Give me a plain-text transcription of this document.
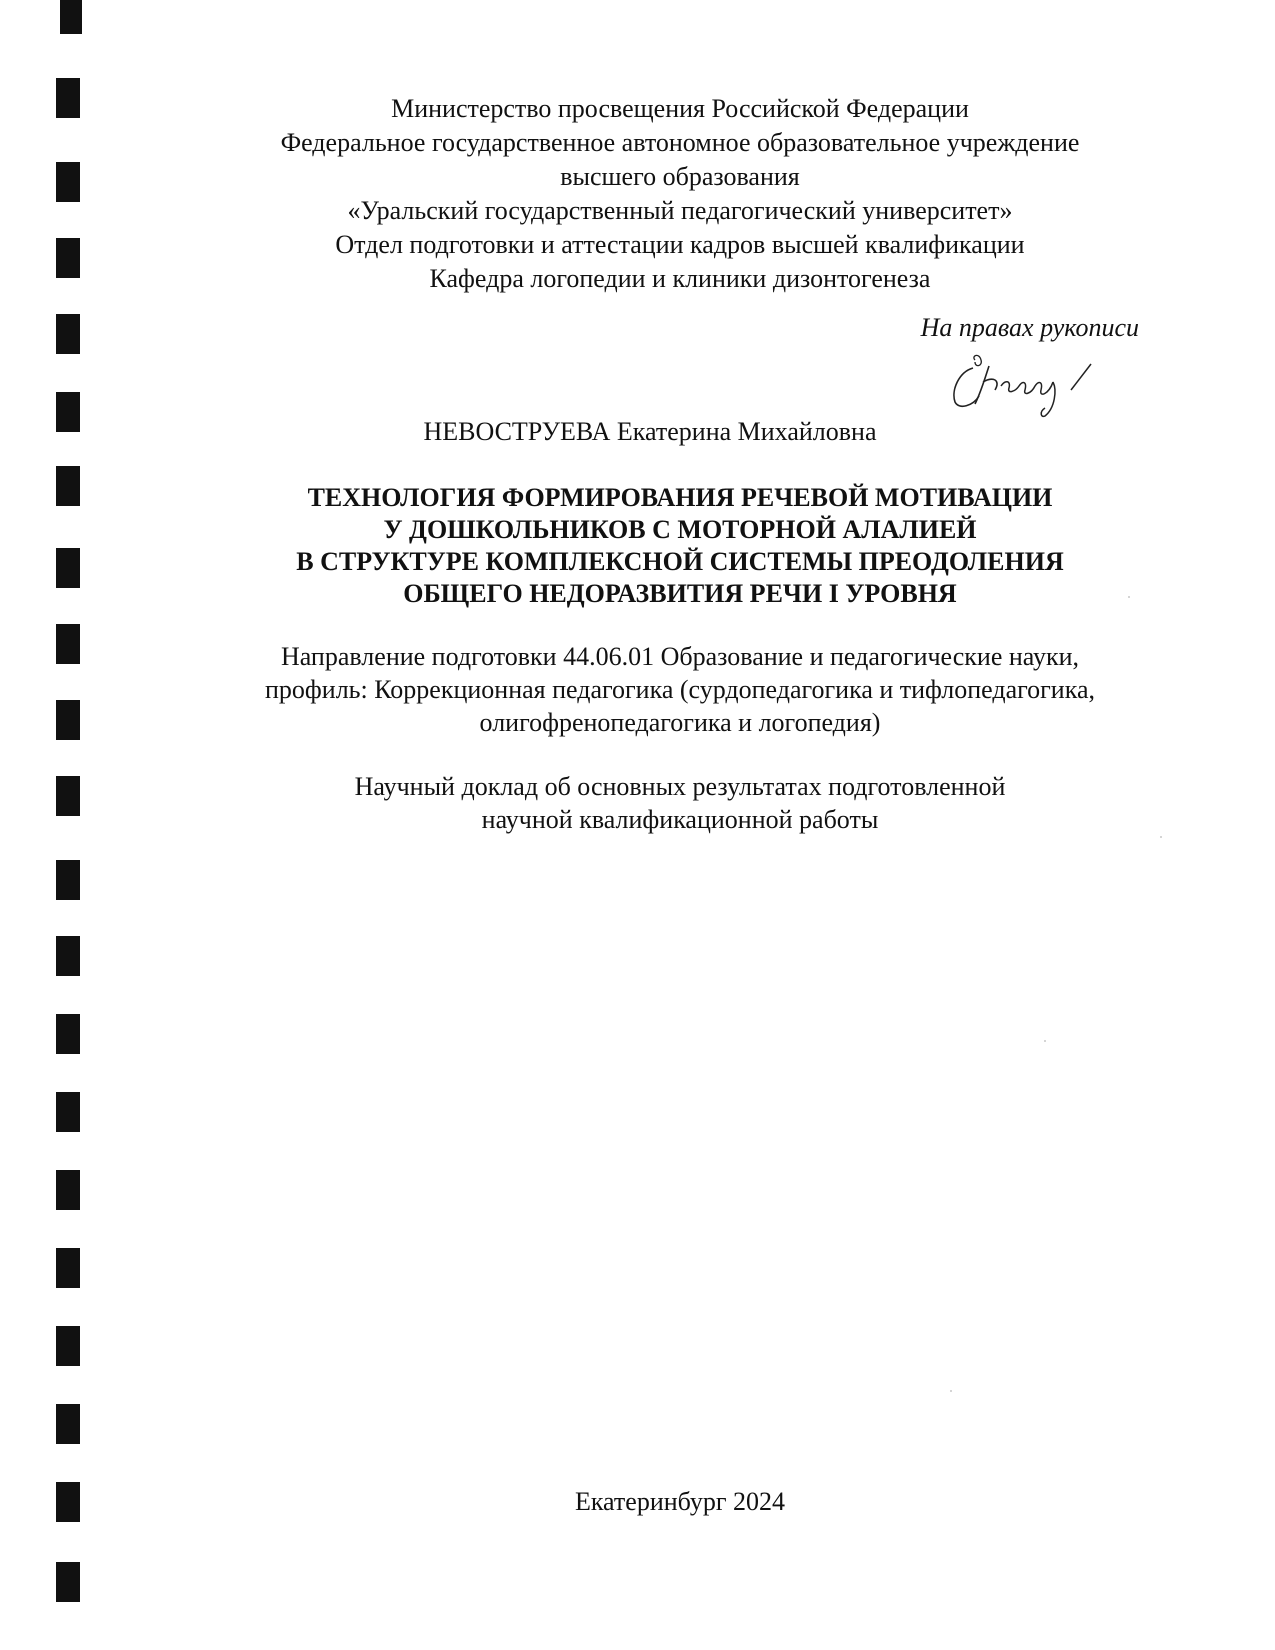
Министерство просвещения Российской Федерации
Федеральное государственное автономное образовательное учреждение
высшего образования
«Уральский государственный педагогический университет»
Отдел подготовки и аттестации кадров высшей квалификации
Кафедра логопедии и клиники дизонтогенеза
На правах рукописи
НЕВОСТРУЕВА Екатерина Михайловна
ТЕХНОЛОГИЯ ФОРМИРОВАНИЯ РЕЧЕВОЙ МОТИВАЦИИ
У ДОШКОЛЬНИКОВ С МОТОРНОЙ АЛАЛИЕЙ
В СТРУКТУРЕ КОМПЛЕКСНОЙ СИСТЕМЫ ПРЕОДОЛЕНИЯ
ОБЩЕГО НЕДОРАЗВИТИЯ РЕЧИ I УРОВНЯ
Направление подготовки 44.06.01 Образование и педагогические науки,
профиль: Коррекционная педагогика (сурдопедагогика и тифлопедагогика,
олигофренопедагогика и логопедия)
Научный доклад об основных результатах подготовленной
научной квалификационной работы
Екатеринбург 2024
